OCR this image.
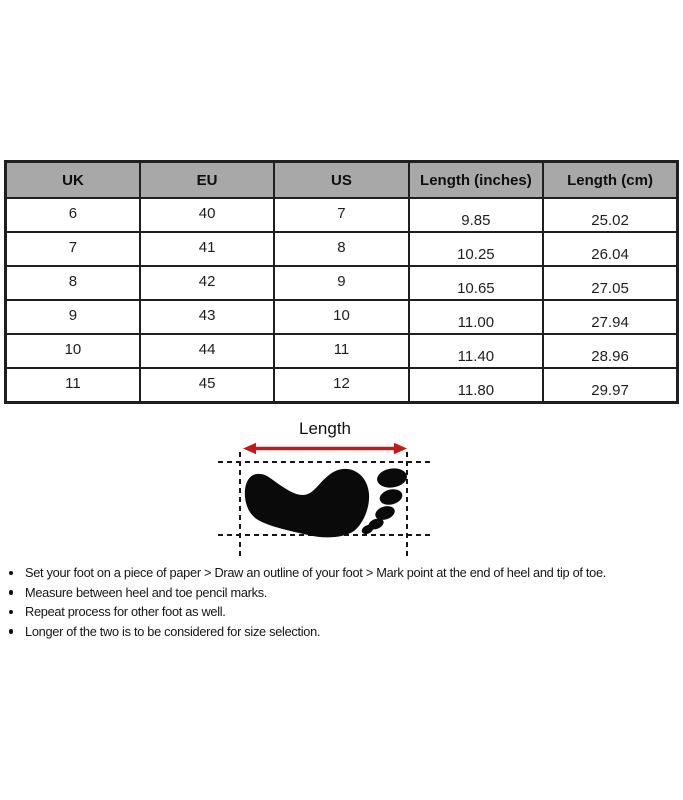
UK	EU	US	Length (inches)	Length (cm)
6	40	7	9.85	25.02
7	41	8	10.25	26.04
8	42	9	10.65	27.05
9	43	10	11.00	27.94
10	44	11	11.40	28.96
11	45	12	11.80	29.97
Length
Set your foot on a piece of paper > Draw an outline of your foot > Mark point at the end of heel and tip of toe.
Measure between heel and toe pencil marks.
Repeat process for other foot as well.
Longer of the two is to be considered for size selection.
